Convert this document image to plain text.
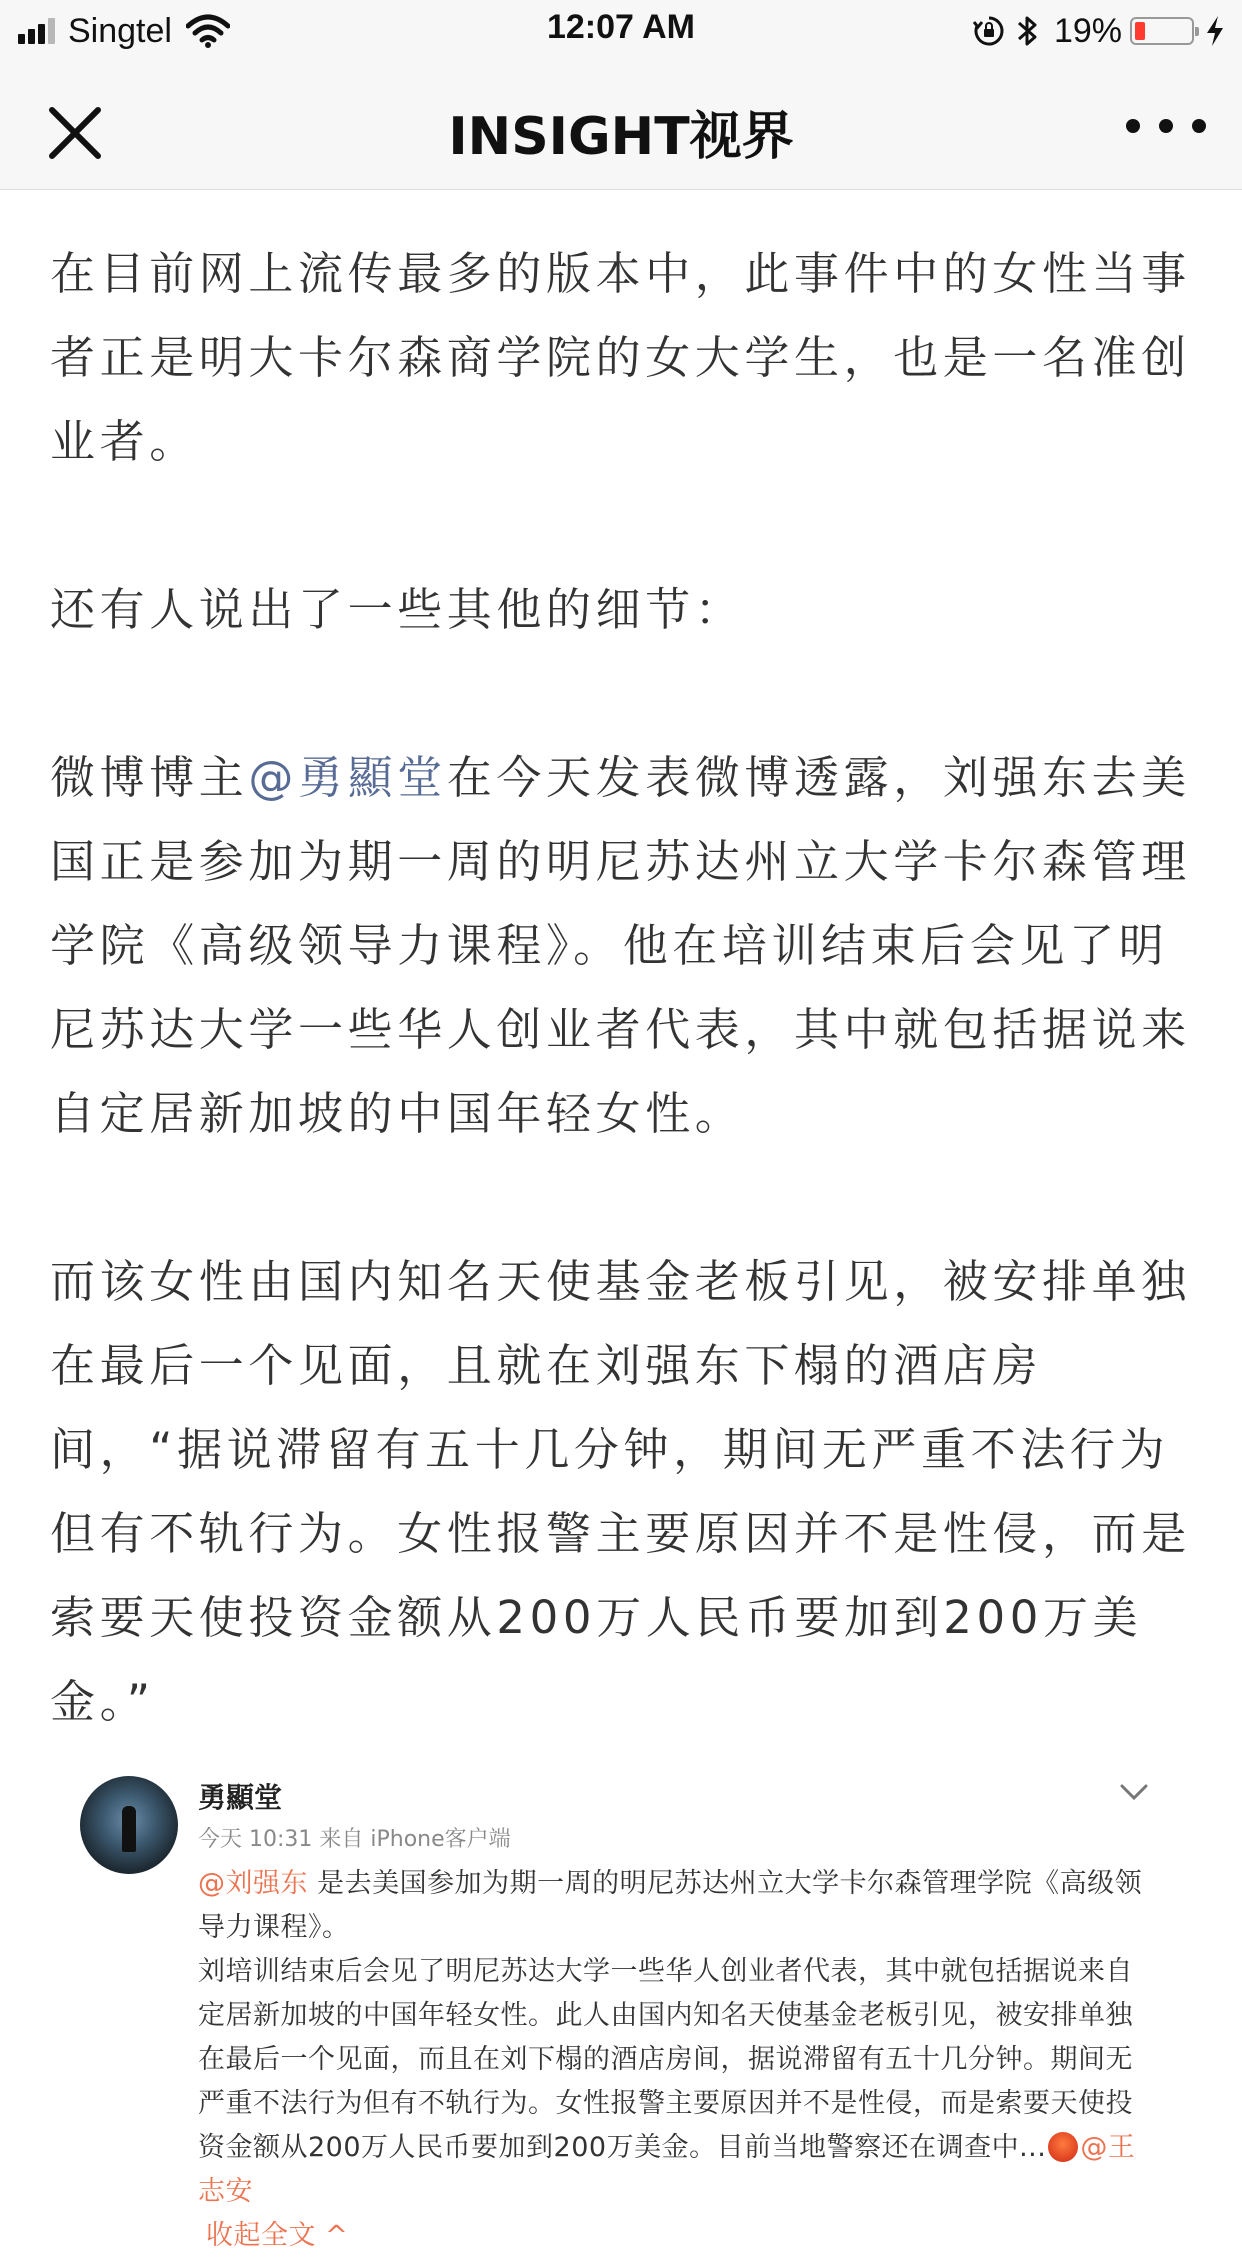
Singtel	12:07 AM	19%
INSIGHT视界

在目前网上流传最多的版本中，此事件中的女性当事者正是明大卡尔森商学院的女大学生，也是一名准创业者。

还有人说出了一些其他的细节：

微博博主@勇顯堂在今天发表微博透露，刘强东去美国正是参加为期一周的明尼苏达州立大学卡尔森管理学院《高级领导力课程》。他在培训结束后会见了明尼苏达大学一些华人创业者代表，其中就包括据说来自定居新加坡的中国年轻女性。

而该女性由国内知名天使基金老板引见，被安排单独在最后一个见面，且就在刘强东下榻的酒店房间，“据说滞留有五十几分钟，期间无严重不法行为但有不轨行为。女性报警主要原因并不是性侵，而是索要天使投资金额从200万人民币要加到200万美金。”

勇顯堂
今天 10:31 来自 iPhone客户端

@刘强东 是去美国参加为期一周的明尼苏达州立大学卡尔森管理学院《高级领导力课程》。

刘培训结束后会见了明尼苏达大学一些华人创业者代表，其中就包括据说来自定居新加坡的中国年轻女性。此人由国内知名天使基金老板引见，被安排单独在最后一个见面，而且在刘下榻的酒店房间，据说滞留有五十几分钟。期间无严重不法行为但有不轨行为。女性报警主要原因并不是性侵，而是索要天使投资金额从200万人民币要加到200万美金。目前当地警察还在调查中... @王志安

收起全文 ^
